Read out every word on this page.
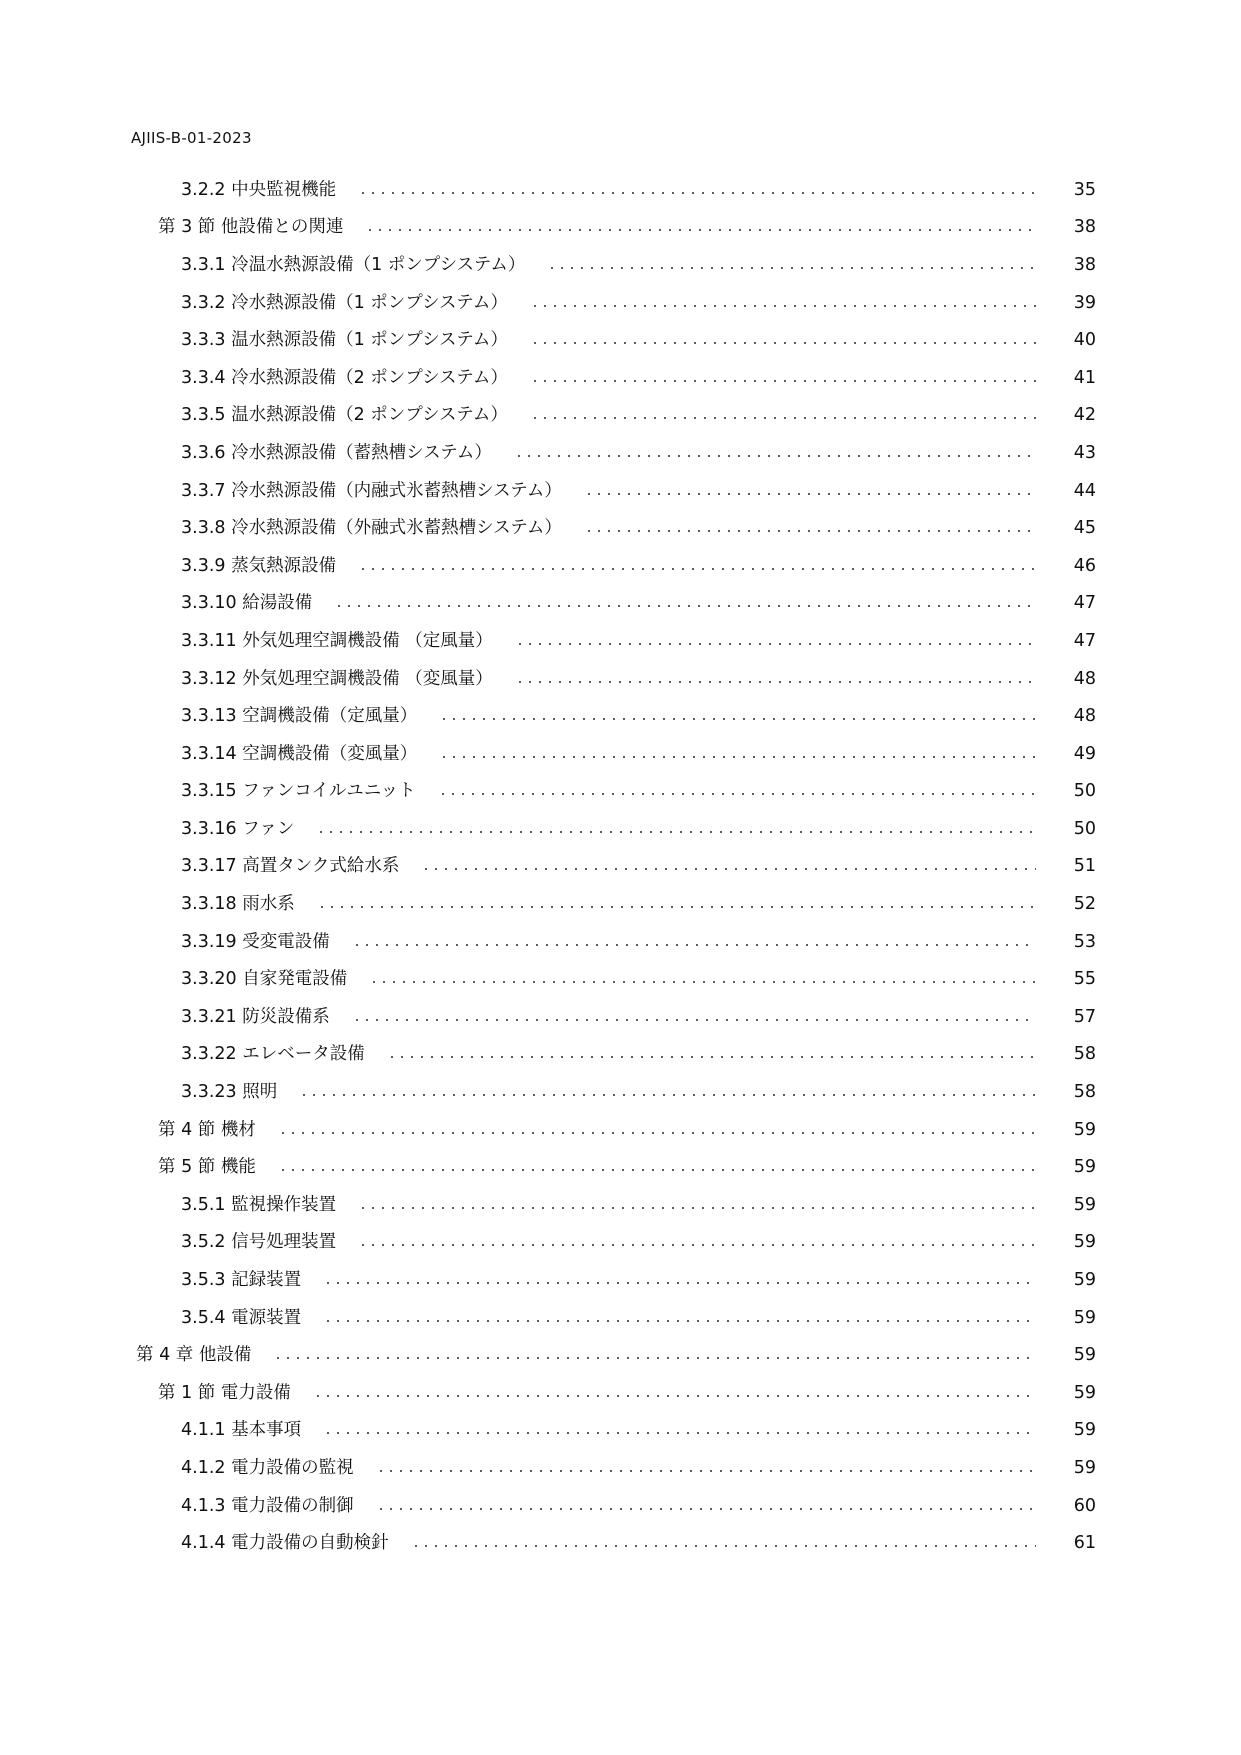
AJIIS-B-01-2023
3.2.2 中央監視機能	35
第 3 節 他設備との関連	38
3.3.1 冷温水熱源設備（1 ポンプシステム）	38
3.3.2 冷水熱源設備（1 ポンプシステム）	39
3.3.3 温水熱源設備（1 ポンプシステム）	40
3.3.4 冷水熱源設備（2 ポンプシステム）	41
3.3.5 温水熱源設備（2 ポンプシステム）	42
3.3.6 冷水熱源設備（蓄熱槽システム）	43
3.3.7 冷水熱源設備（内融式氷蓄熱槽システム）	44
3.3.8 冷水熱源設備（外融式氷蓄熱槽システム）	45
3.3.9 蒸気熱源設備	46
3.3.10 給湯設備	47
3.3.11 外気処理空調機設備 （定風量）	47
3.3.12 外気処理空調機設備 （変風量）	48
3.3.13 空調機設備（定風量）	48
3.3.14 空調機設備（変風量）	49
3.3.15 ファンコイルユニット	50
3.3.16 ファン	50
3.3.17 高置タンク式給水系	51
3.3.18 雨水系	52
3.3.19 受変電設備	53
3.3.20 自家発電設備	55
3.3.21 防災設備系	57
3.3.22 エレベータ設備	58
3.3.23 照明	58
第 4 節 機材	59
第 5 節 機能	59
3.5.1 監視操作装置	59
3.5.2 信号処理装置	59
3.5.3 記録装置	59
3.5.4 電源装置	59
第 4 章 他設備	59
第 1 節 電力設備	59
4.1.1 基本事項	59
4.1.2 電力設備の監視	59
4.1.3 電力設備の制御	60
4.1.4 電力設備の自動検針	61
